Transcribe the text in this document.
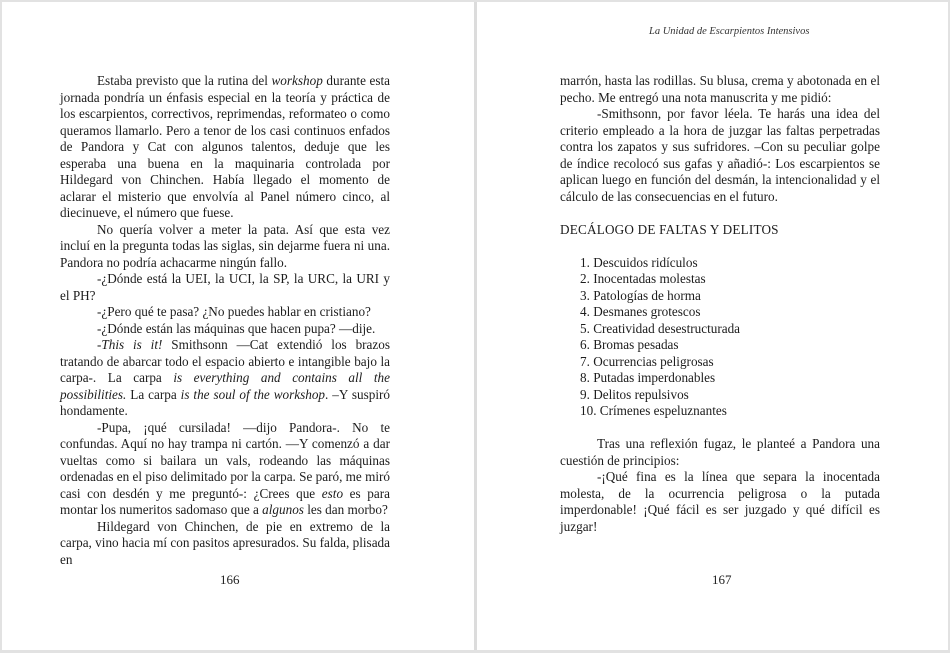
Estaba previsto que la rutina del workshop durante esta jornada pondría un énfasis especial en la teoría y práctica de los escarpientos, correctivos, reprimendas, reformateo o como queramos llamarlo. Pero a tenor de los casi continuos enfados de Pandora y Cat con algunos talentos, deduje que les esperaba una buena en la maquinaria controlada por Hildegard von Chinchen. Había llegado el momento de aclarar el misterio que envolvía al Panel número cinco, al diecinueve, el número que fuese.

No quería volver a meter la pata. Así que esta vez incluí en la pregunta todas las siglas, sin dejarme fuera ni una. Pandora no podría achacarme ningún fallo.

-¿Dónde está la UEI, la UCI, la SP, la URC, la URI y el PH?

-¿Pero qué te pasa? ¿No puedes hablar en cristiano?

-¿Dónde están las máquinas que hacen pupa? —dije.

-This is it! Smithsonn —Cat extendió los brazos tratando de abarcar todo el espacio abierto e intangible bajo la carpa-. La carpa is everything and contains all the possibilities. La carpa is the soul of the workshop. –Y suspiró hondamente.

-Pupa, ¡qué cursilada! —dijo Pandora-. No te confundas. Aquí no hay trampa ni cartón. —Y comenzó a dar vueltas como si bailara un vals, rodeando las máquinas ordenadas en el piso delimitado por la carpa. Se paró, me miró casi con desdén y me preguntó-: ¿Crees que esto es para montar los numeritos sadomaso que a algunos les dan morbo?

Hildegard von Chinchen, de pie en extremo de la carpa, vino hacia mí con pasitos apresurados. Su falda, plisada en

166
La Unidad de Escarpientos Intensivos

marrón, hasta las rodillas. Su blusa, crema y abotonada en el pecho. Me entregó una nota manuscrita y me pidió:

-Smithsonn, por favor léela. Te harás una idea del criterio empleado a la hora de juzgar las faltas perpetradas contra los zapatos y sus sufridores. –Con su peculiar golpe de índice recolocó sus gafas y añadió-: Los escarpientos se aplican luego en función del desmán, la intencionalidad y el cálculo de las consecuencias en el futuro.

DECÁLOGO DE FALTAS Y DELITOS

1. Descuidos ridículos
2. Inocentadas molestas
3. Patologías de horma
4. Desmanes grotescos
5. Creatividad desestructurada
6. Bromas pesadas
7. Ocurrencias peligrosas
8. Putadas imperdonables
9. Delitos repulsivos
10. Crímenes espeluznantes

Tras una reflexión fugaz, le planteé a Pandora una cuestión de principios:

-¡Qué fina es la línea que separa la inocentada molesta, de la ocurrencia peligrosa o la putada imperdonable! ¡Qué fácil es ser juzgado y qué difícil es juzgar!

167
